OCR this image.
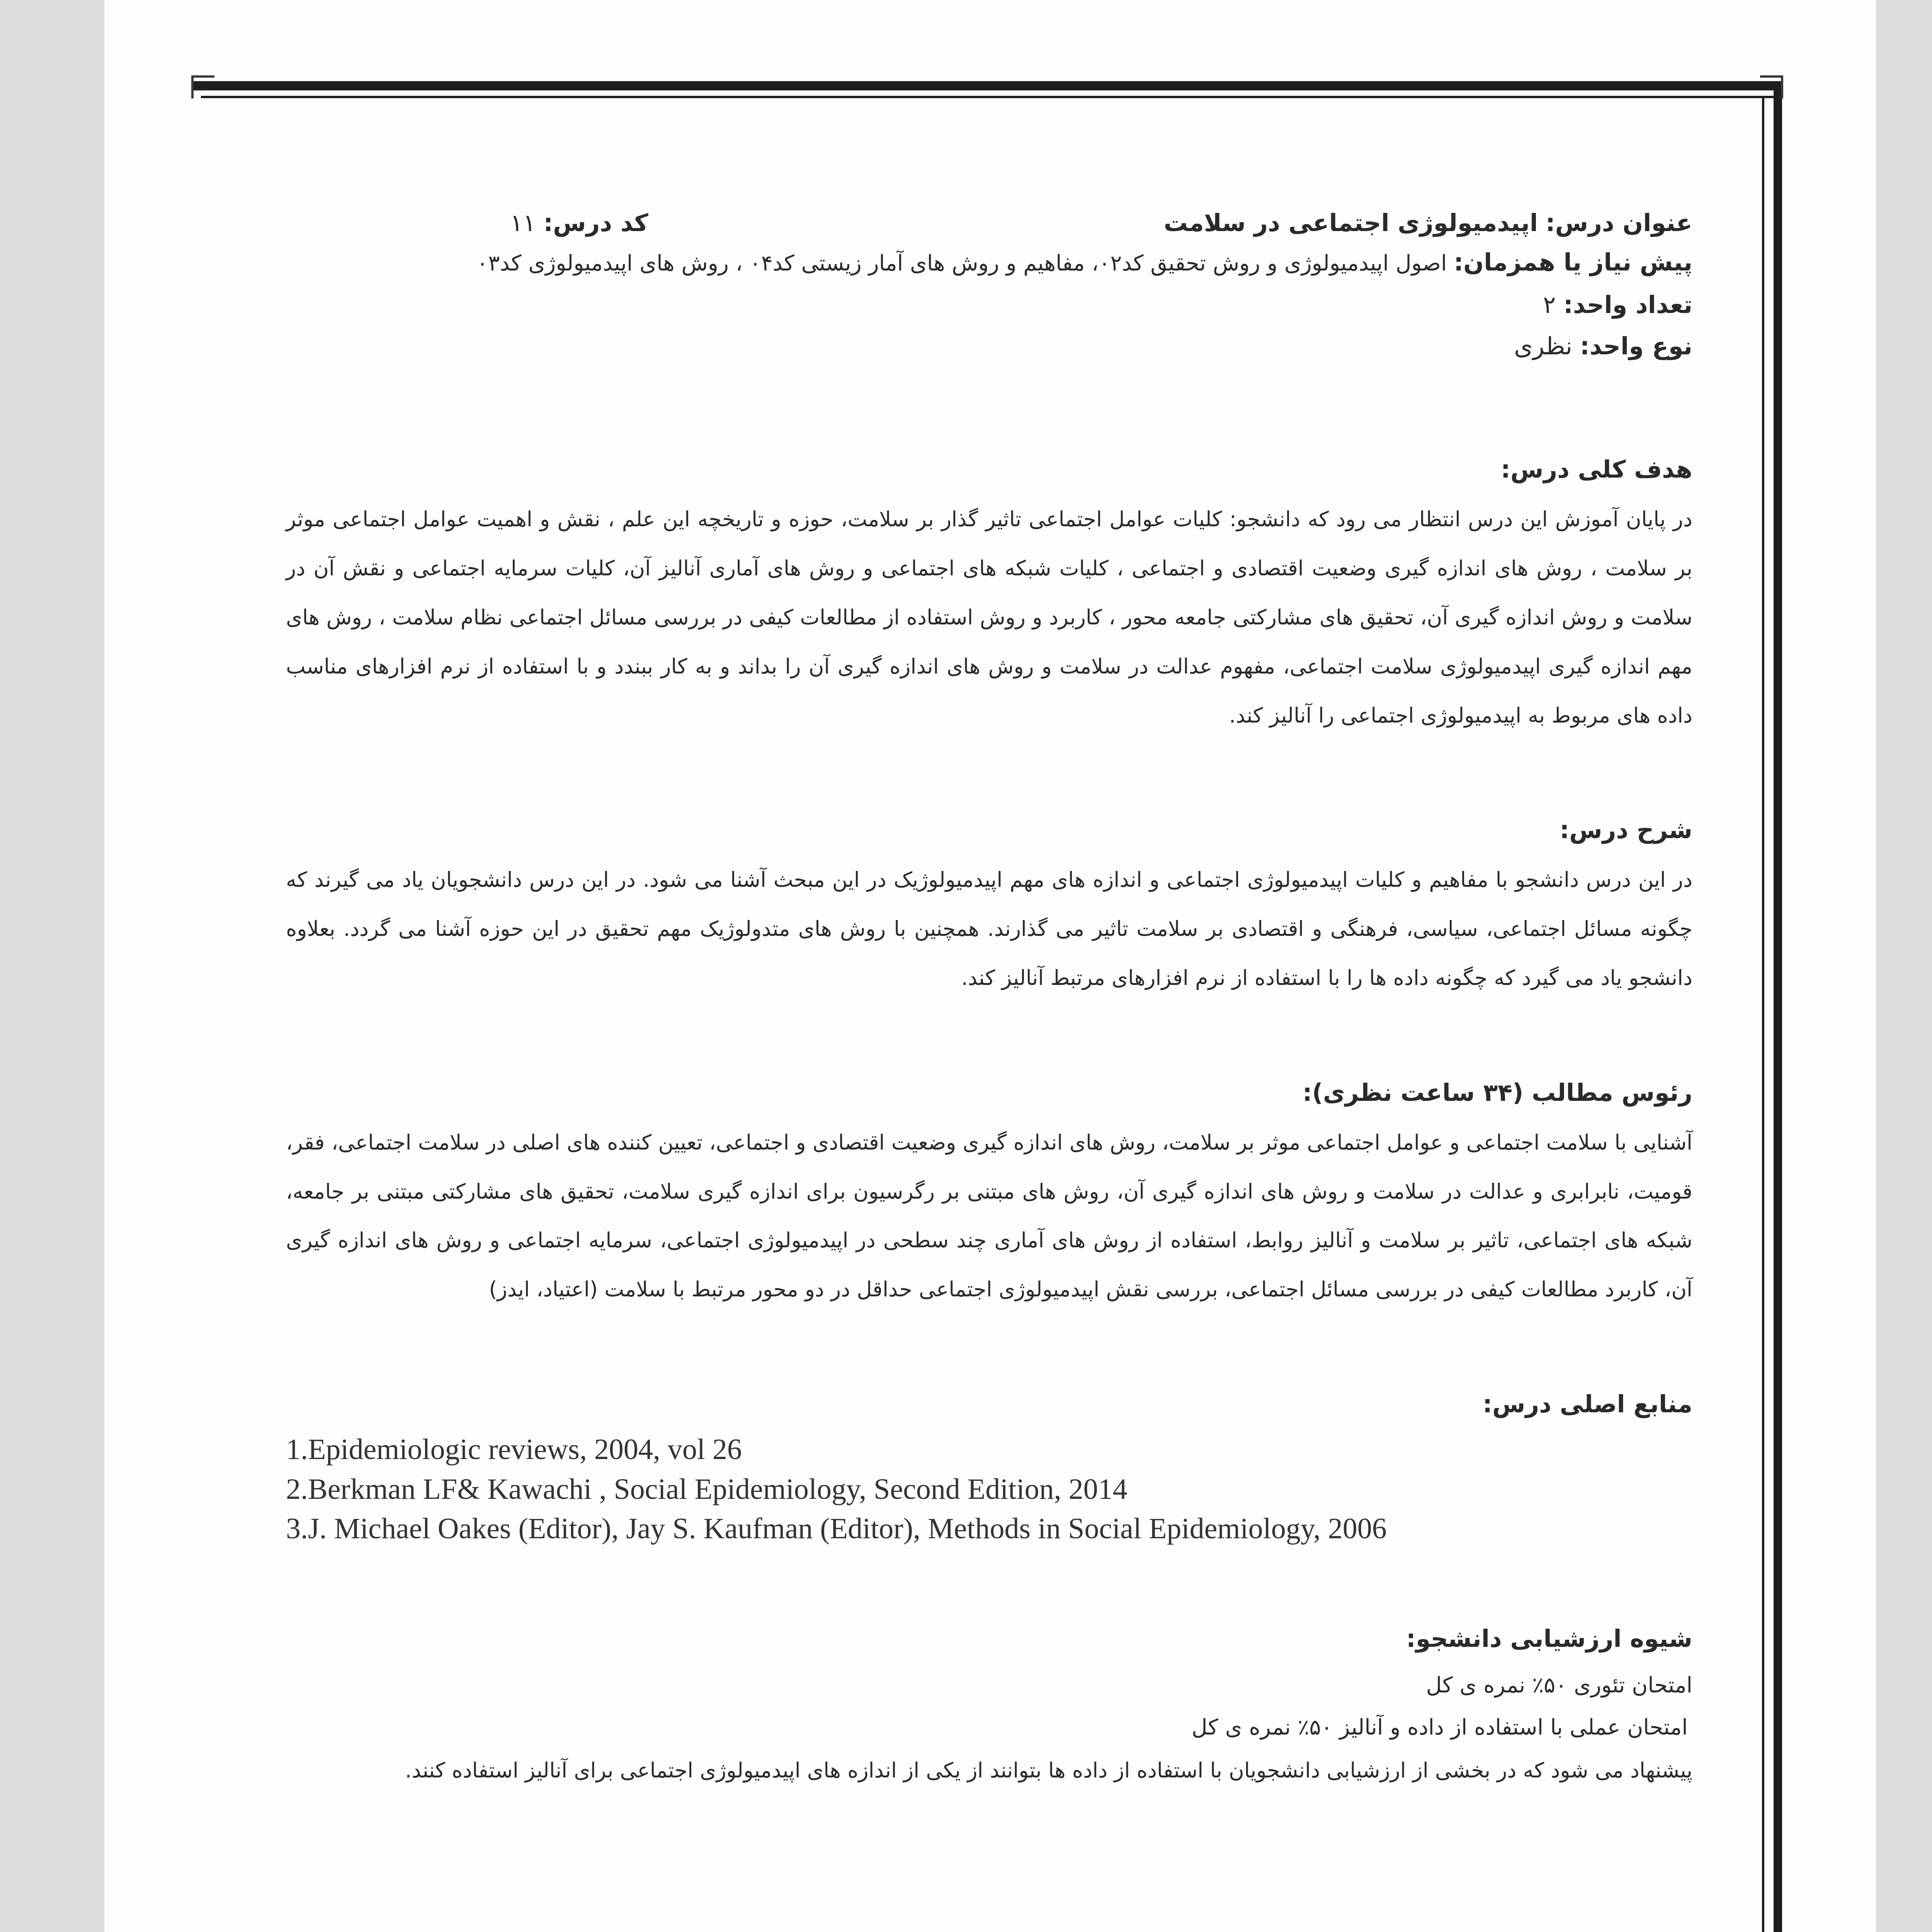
عنوان درس: اپیدمیولوژی اجتماعی در سلامت
کد درس: ۱۱

پیش نیاز یا همزمان: اصول اپیدمیولوژی و روش تحقیق کد۰۲، مفاهیم و روش های آمار زیستی کد۰۴ ، روش های اپیدمیولوژی کد۰۳

تعداد واحد: ۲

نوع واحد: نظری

هدف کلی درس:

در پایان آموزش این درس انتظار می رود که دانشجو: کلیات عوامل اجتماعی تاثیر گذار بر سلامت، حوزه و تاریخچه این علم ، نقش و اهمیت عوامل اجتماعی موثر بر سلامت ، روش های اندازه گیری وضعیت اقتصادی و اجتماعی ، کلیات شبکه های اجتماعی و روش های آماری آنالیز آن، کلیات سرمایه اجتماعی و نقش آن در سلامت و روش اندازه گیری آن، تحقیق های مشارکتی جامعه محور ، کاربرد و روش استفاده از مطالعات کیفی در بررسی مسائل اجتماعی نظام سلامت ، روش های مهم اندازه گیری اپیدمیولوژی سلامت اجتماعی، مفهوم عدالت در سلامت و روش های اندازه گیری آن را بداند و به کار ببندد و با استفاده از نرم افزارهای مناسب داده های مربوط به اپیدمیولوژی اجتماعی را آنالیز کند.

شرح درس:

در این درس دانشجو با مفاهیم و کلیات اپیدمیولوژی اجتماعی و اندازه های مهم اپیدمیولوژیک در این مبحث آشنا می شود. در این درس دانشجویان یاد می گیرند که چگونه مسائل اجتماعی، سیاسی، فرهنگی و اقتصادی بر سلامت تاثیر می گذارند. همچنین با روش های متدولوژیک مهم تحقیق در این حوزه آشنا می گردد. بعلاوه دانشجو یاد می گیرد که چگونه داده ها را با استفاده از نرم افزارهای مرتبط آنالیز کند.

رئوس مطالب (۳۴ ساعت نظری):

آشنایی با سلامت اجتماعی و عوامل اجتماعی موثر بر سلامت، روش های اندازه گیری وضعیت اقتصادی و اجتماعی، تعیین کننده های اصلی در سلامت اجتماعی، فقر، قومیت، نابرابری و عدالت در سلامت و روش های اندازه گیری آن، روش های مبتنی بر رگرسیون برای اندازه گیری سلامت، تحقیق های مشارکتی مبتنی بر جامعه، شبکه های اجتماعی، تاثیر بر سلامت و آنالیز روابط، استفاده از روش های آماری چند سطحی در اپیدمیولوژی اجتماعی، سرمایه اجتماعی و روش های اندازه گیری آن، کاربرد مطالعات کیفی در بررسی مسائل اجتماعی، بررسی نقش اپیدمیولوژی اجتماعی حداقل در دو محور مرتبط با سلامت (اعتیاد، ایدز)

منابع اصلی درس:

1.Epidemiologic reviews, 2004, vol 26
2.Berkman LF& Kawachi , Social Epidemiology, Second Edition, 2014
3.J. Michael Oakes (Editor), Jay S. Kaufman (Editor), Methods in Social Epidemiology, 2006

شیوه ارزشیابی دانشجو:

امتحان تئوری ۵۰٪ نمره ی کل

امتحان عملی با استفاده از داده و آنالیز ۵۰٪ نمره ی کل

پیشنهاد می شود که در بخشی از ارزشیابی دانشجویان با استفاده از داده ها بتوانند از یکی از اندازه های اپیدمیولوژی اجتماعی برای آنالیز استفاده کنند.
